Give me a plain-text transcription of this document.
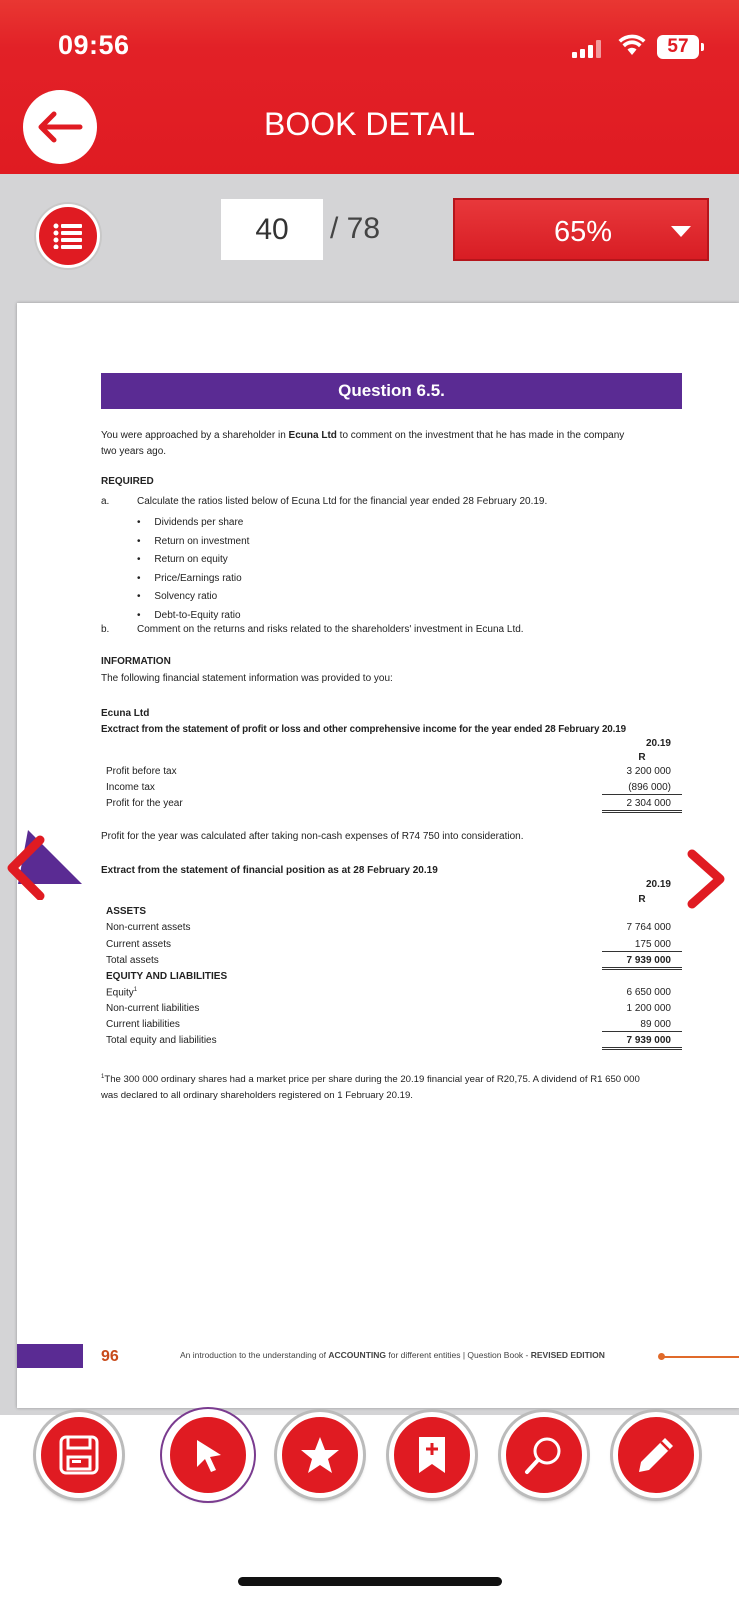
09:56	57
BOOK DETAIL
40	/ 78	65%
Question 6.5.
You were approached by a shareholder in Ecuna Ltd to comment on the investment that he has made in the company
two years ago.
REQUIRED
a.	Calculate the ratios listed below of Ecuna Ltd for the financial year ended 28 February 20.19.
•     Dividends per share
•     Return on investment
•     Return on equity
•     Price/Earnings ratio
•     Solvency ratio
•     Debt-to-Equity ratio
b.	Comment on the returns and risks related to the shareholders' investment in Ecuna Ltd.
INFORMATION
The following financial statement information was provided to you:
Ecuna Ltd
Exctract from the statement of profit or loss and other comprehensive income for the year ended 28 February 20.19
20.19
R
Profit before tax	3 200 000
Income tax	(896 000)
Profit for the year	2 304 000
Profit for the year was calculated after taking non-cash expenses of R74 750 into consideration.
Extract from the statement of financial position as at 28 February 20.19
20.19
R
ASSETS
Non-current assets	7 764 000
Current assets	175 000
Total assets	7 939 000
EQUITY AND LIABILITIES
Equity$^1$	6 650 000
Non-current liabilities	1 200 000
Current liabilities	89 000
Total equity and liabilities	7 939 000
$^1$The 300 000 ordinary shares had a market price per share during the 20.19 financial year of R20,75. A dividend of R1 650 000
was declared to all ordinary shareholders registered on 1 February 20.19.
96	An introduction to the understanding of ACCOUNTING for different entities | Question Book - REVISED EDITION
